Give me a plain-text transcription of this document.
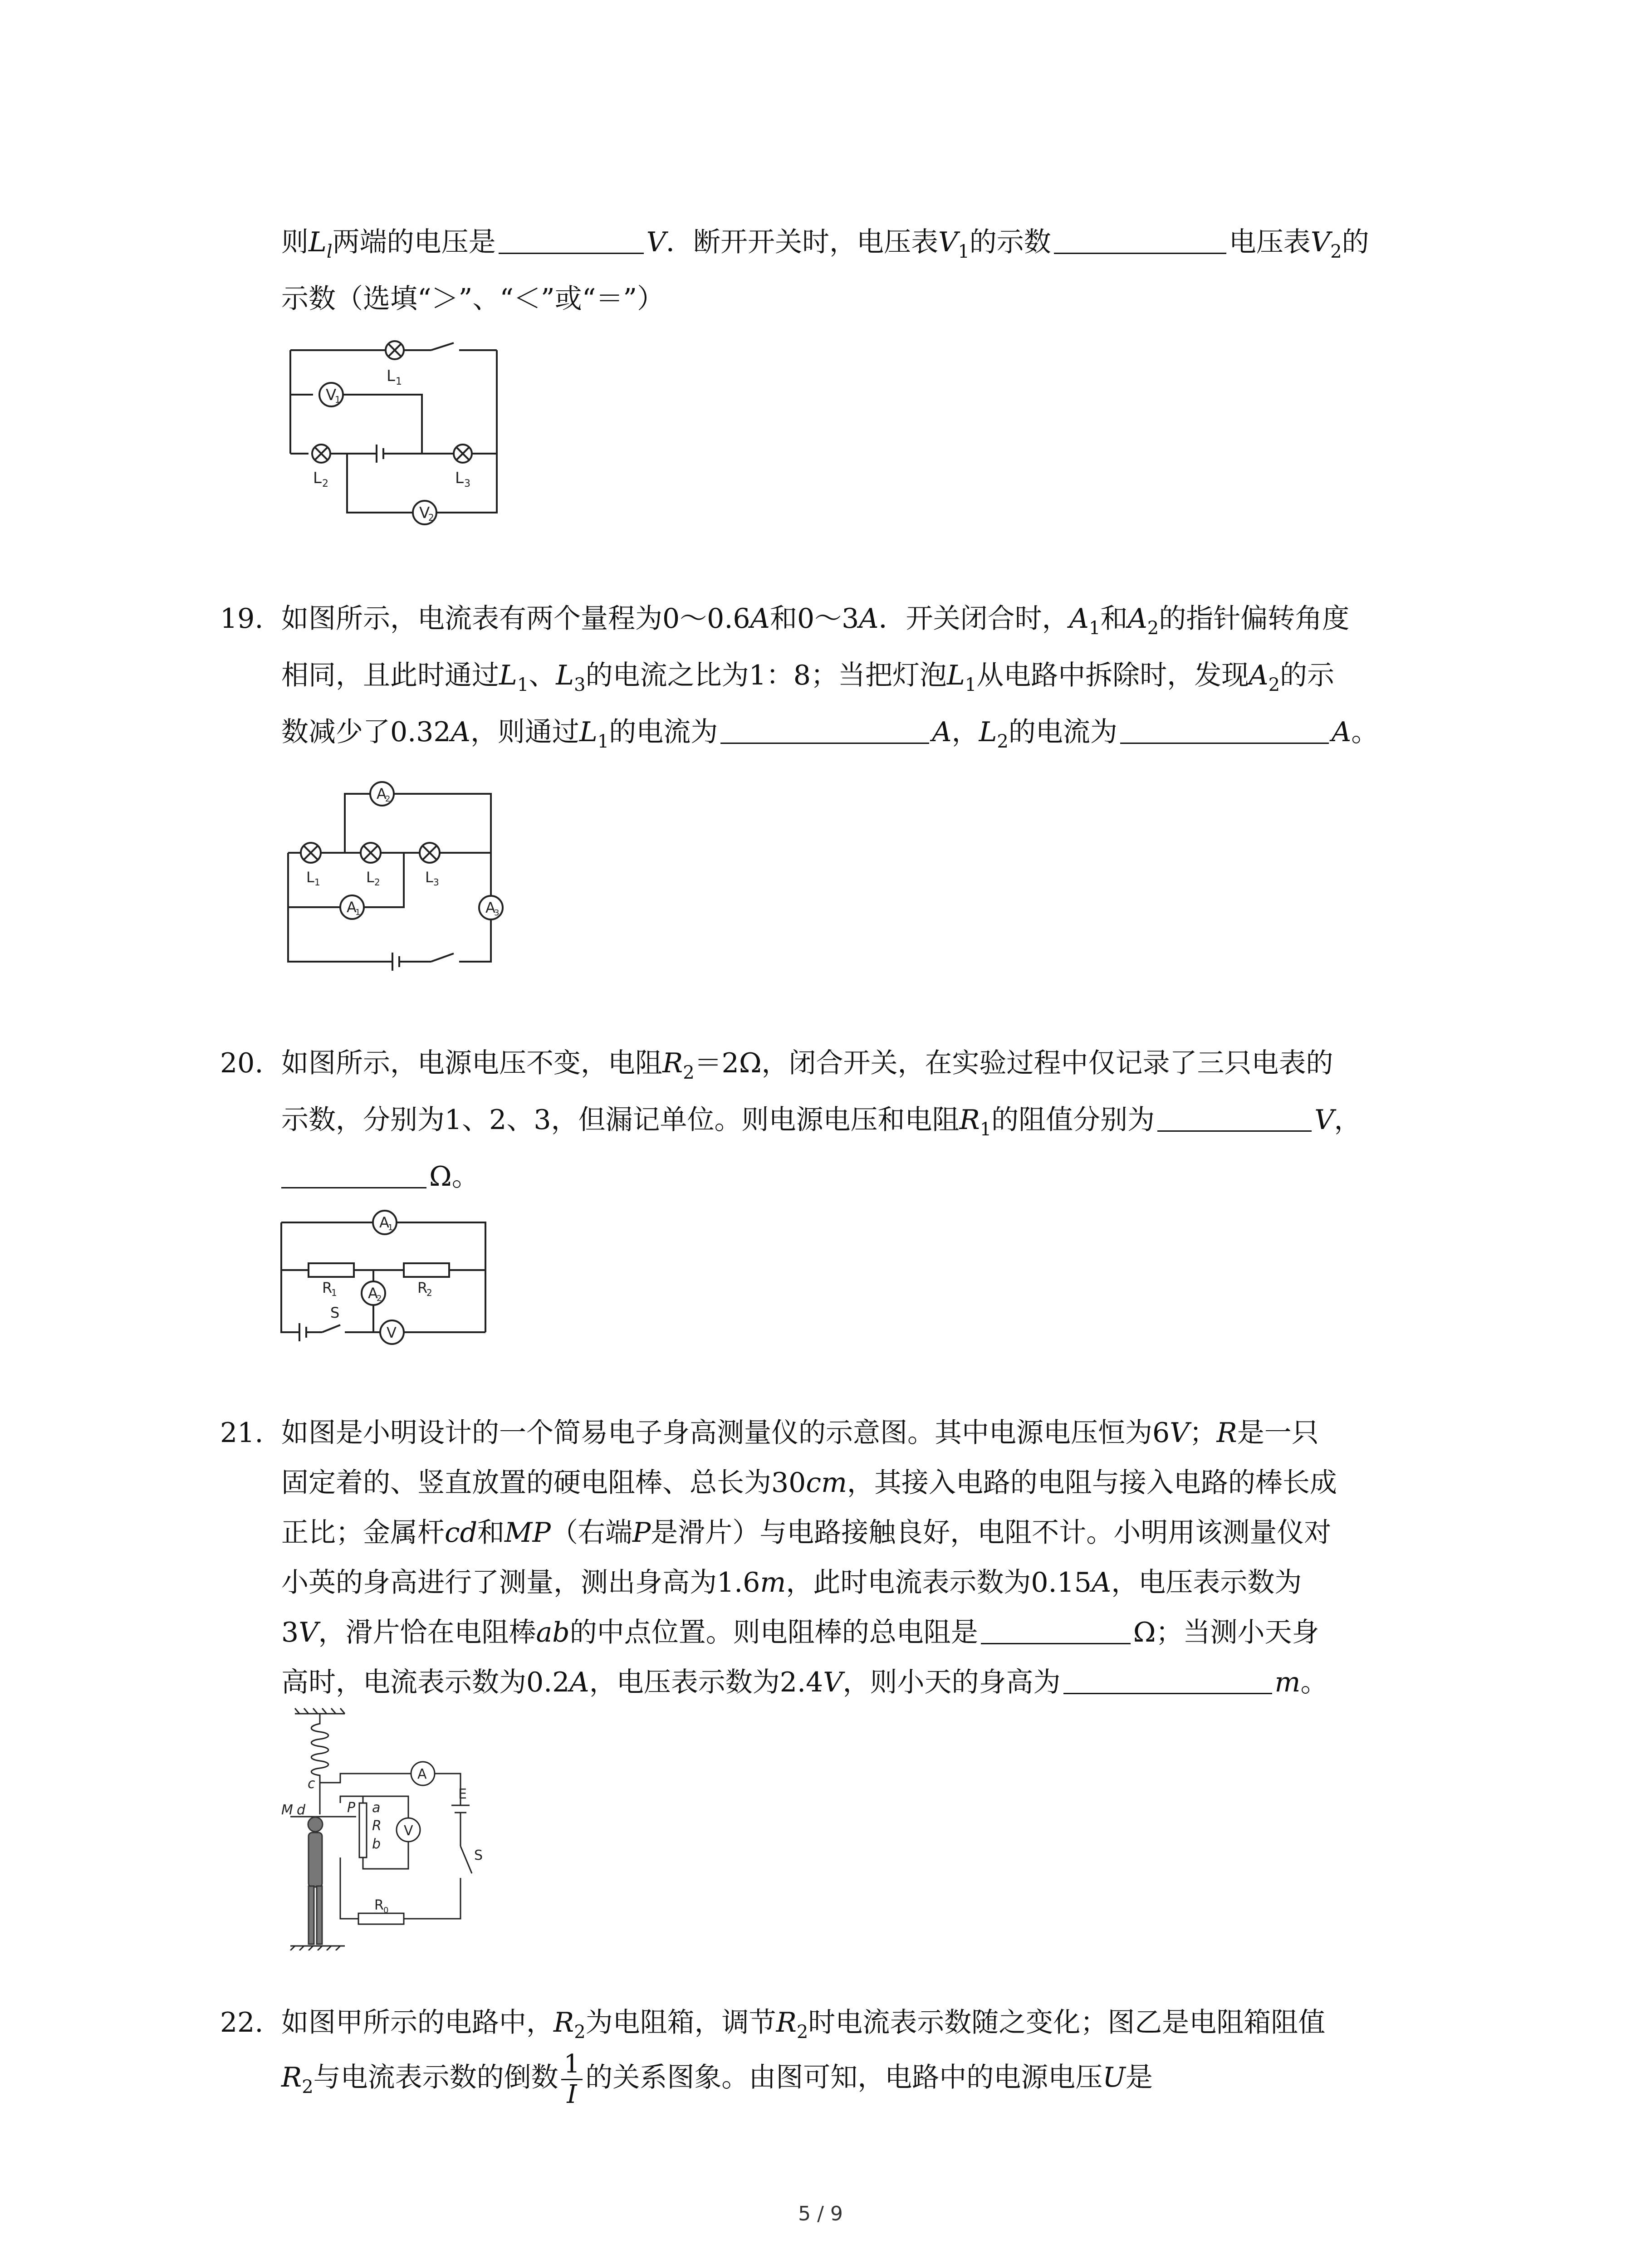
则$L_l$两端的电压是	V．断开开关时，电压表$V_1$的示数	电压表$V_2$的
示数（选填“＞”、“＜”或“＝”）
L 1
L 2	L 3
V
1
V
2
19. 如图所示，电流表有两个量程为0～0.6A和0～3A．开关闭合时，$A_1$和$A_2$的指针偏转角度
相同，且此时通过$L_1$、$L_3$的电流之比为1：8；当把灯泡$L_1$从电路中拆除时，发现$A_2$的示
数减少了0.32A，则通过$L_1$的电流为	A，$L_2$的电流为	A。
L 1	L 2	L 3
A
1
A
2
A
3
20. 如图所示，电源电压不变，电阻$R_2=2\Omega$，闭合开关，在实验过程中仅记录了三只电表的
示数，分别为1、2、3，但漏记单位。则电源电压和电阻$R_1$的阻值分别为	V，
Ω。
A
1
A
2
R
1	R
2
S
V
21. 如图是小明设计的一个简易电子身高测量仪的示意图。其中电源电压恒为6V；R是一只
固定着的、竖直放置的硬电阻棒、总长为30cm，其接入电路的电阻与接入电路的棒长成
正比；金属杆cd和MP（右端P是滑片）与电路接触良好，电阻不计。小明用该测量仪对
小英的身高进行了测量，测出身高为1.6m，此时电流表示数为0.15A，电压表示数为
3V，滑片恰在电阻棒ab的中点位置。则电阻棒的总电阻是	Ω；当测小天身
高时，电流表示数为0.2A，电压表示数为2.4V，则小天的身高为	m。
A
V
E
S
R 0
a
R
b
P
M d
c
22. 如图甲所示的电路中，$R_2$为电阻箱，调节$R_2$时电流表示数随之变化；图乙是电阻箱阻值
$R_2$与电流表示数的倒数 $\frac{1}{I}$ 的关系图象。由图可知，电路中的电源电压U是
5 / 9
